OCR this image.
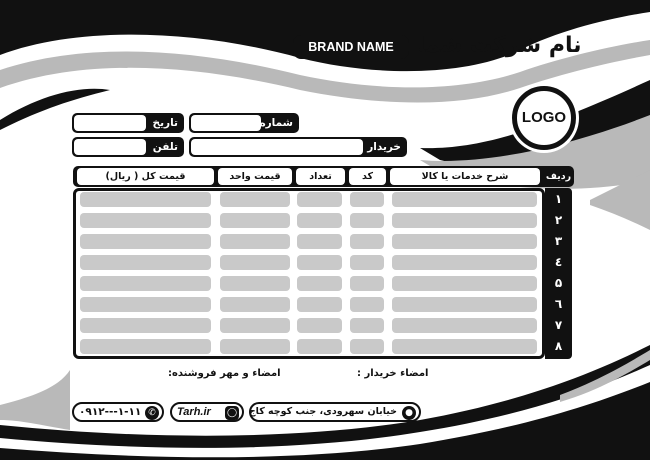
نام شرکت شما
BRAND NAME
LOGO
تاریخ	شماره
تلفن	خریدار
ردیف
شرح خدمات یا کالا
کد
تعداد
قیمت واحد
قیمت کل ( ریال)
۱
۲
۳
٤
۵
٦
۷
۸
امضاء خریدار :
امضاء و مهر فروشنده:
●
خیابان سهرودی، جنب کوچه کاج
◯
Tarh.ir
✆
۰۹۱۲---۱-۱۱
